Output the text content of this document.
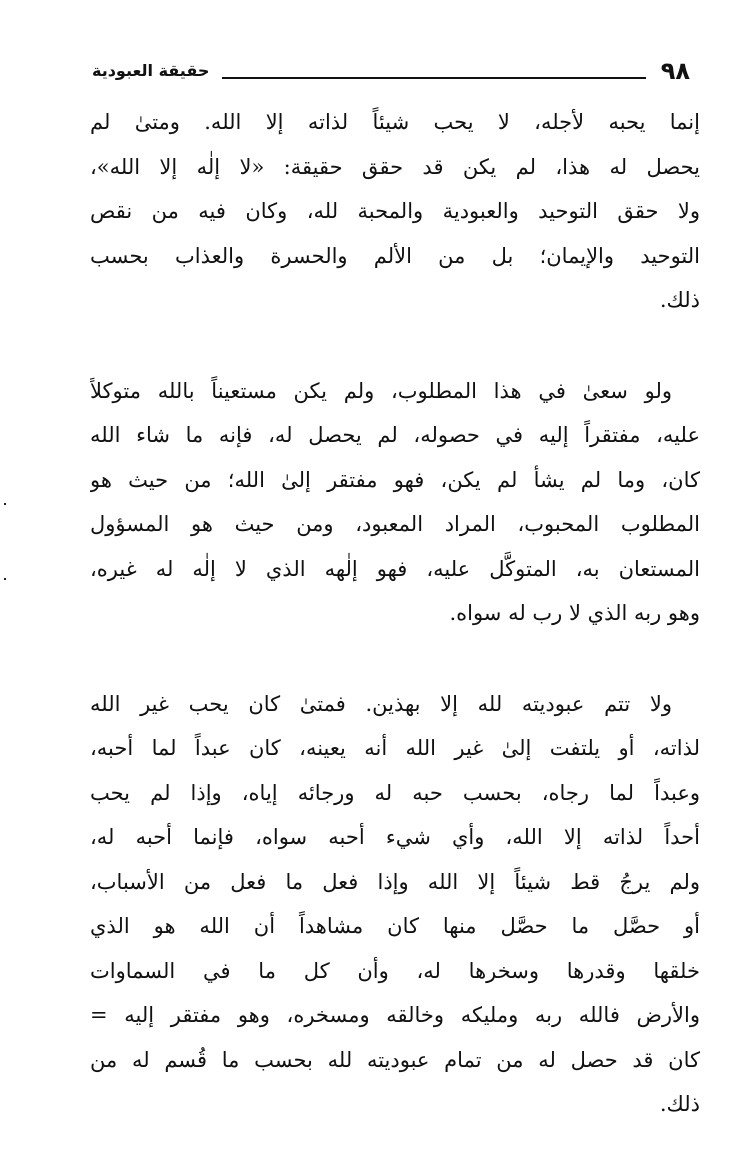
٩٨
حقيقة العبودية

إنما يحبه لأجله، لا يحب شيئاً لذاته إلا الله. ومتىٰ لم
يحصل له هذا، لم يكن قد حقق حقيقة: «لا إلٰه إلا الله»،
ولا حقق التوحيد والعبودية والمحبة لله، وكان فيه من نقص
التوحيد والإيمان؛ بل من الألم والحسرة والعذاب بحسب
ذلك.

ولو سعىٰ في هذا المطلوب، ولم يكن مستعيناً بالله متوكلاً
عليه، مفتقراً إليه في حصوله، لم يحصل له، فإنه ما شاء الله
كان، وما لم يشأ لم يكن، فهو مفتقر إلىٰ الله؛ من حيث هو
المطلوب المحبوب، المراد المعبود، ومن حيث هو المسؤول
المستعان به، المتوكَّل عليه، فهو إلٰهه الذي لا إلٰه له غيره،
وهو ربه الذي لا رب له سواه.

ولا تتم عبوديته لله إلا بهذين. فمتىٰ كان يحب غير الله
لذاته، أو يلتفت إلىٰ غير الله أنه يعينه، كان عبداً لما أحبه،
وعبداً لما رجاه، بحسب حبه له ورجائه إياه، وإذا لم يحب
أحداً لذاته إلا الله، وأي شيء أحبه سواه، فإنما أحبه له،
ولم يرجُ قط شيئاً إلا الله وإذا فعل ما فعل من الأسباب،
أو حصَّل ما حصَّل منها كان مشاهداً أن الله هو الذي
خلقها وقدرها وسخرها له، وأن كل ما في السماوات
والأرض فالله ربه ومليكه وخالقه ومسخره، وهو مفتقر إليه =
كان قد حصل له من تمام عبوديته لله بحسب ما قُسم له من
ذلك.
